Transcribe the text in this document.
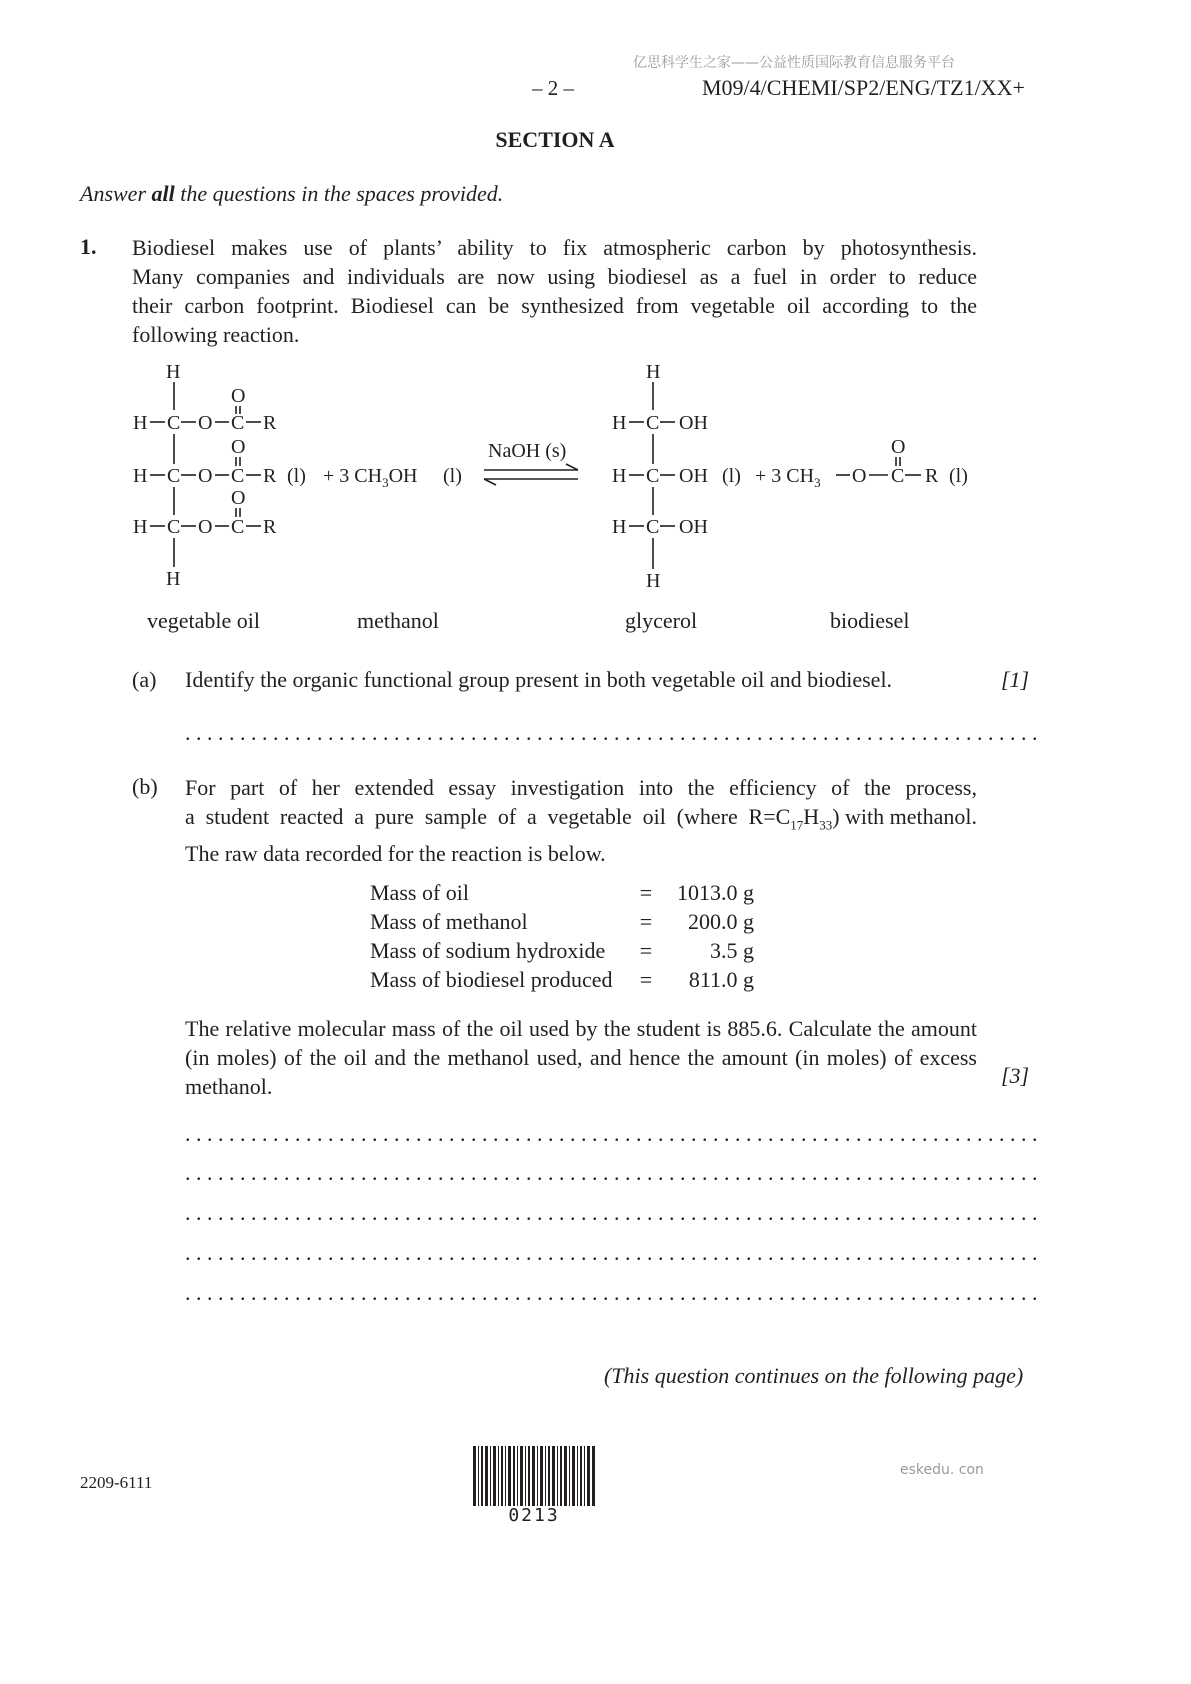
亿思科学生之家——公益性质国际教育信息服务平台
– 2 –	M09/4/CHEMI/SP2/ENG/TZ1/XX+
SECTION A
Answer all the questions in the spaces provided.
1. Biodiesel makes use of plants’ ability to fix atmospheric carbon by photosynthesis.
Many companies and individuals are now using biodiesel as a fuel in order to reduce
their carbon footprint. Biodiesel can be synthesized from vegetable oil according to the
following reaction.
H
H C O C R
O
H C O C R
O
(l)
H C O C R
O
H
+ 3 $CH_3OH$ (l)
NaOH (s)
H
H C OH
H C OH (l)
H C OH
H
+ 3 $CH_3$ O C
O
R (l)
vegetable oil	methanol	glycerol	biodiesel
(a) Identify the organic functional group present in both vegetable oil and biodiesel.	[1]
. . .
(b) For part of her extended essay investigation into the efficiency of the process,
a student reacted a pure sample of a vegetable oil (where $R =C_{17}H_{33}$) with methanol.
The raw data recorded for the reaction is below.
Mass of oil	=	1013.0 g
Mass of methanol	=	200.0 g
Mass of sodium hydroxide	=	3.5 g
Mass of biodiesel produced	=	811.0 g
The relative molecular mass of the oil used by the student is 885.6. Calculate the amount
(in moles) of the oil and the methanol used, and hence the amount (in moles) of excess
methanol.	[3]
. . .
. . .
. . .
. . .
. . .
(This question continues on the following page)
2209-6111
0213
eskedu. con
